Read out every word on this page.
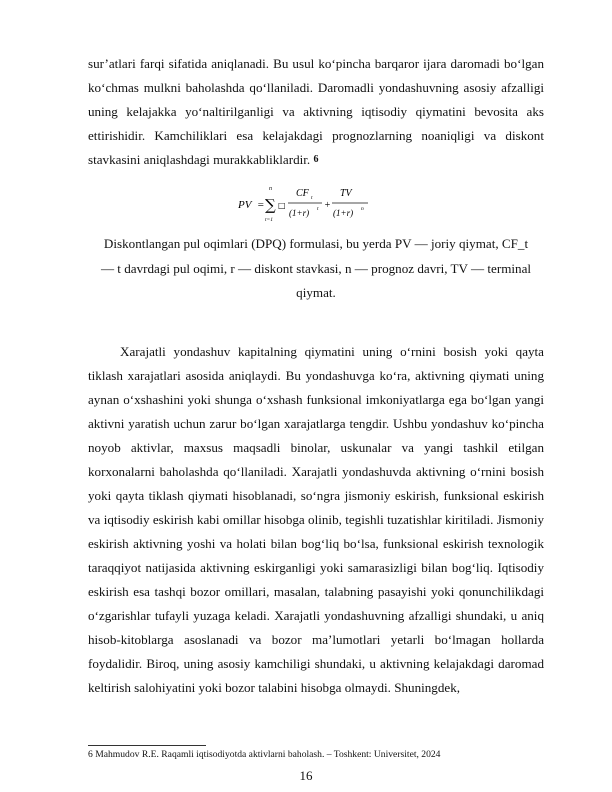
sur’atlari farqi sifatida aniqlanadi. Bu usul ko‘pincha barqaror ijara daromadi bo‘lgan ko‘chmas mulkni baholashda qo‘llaniladi. Daromadli yondashuvning asosiy afzalligi uning kelajakka yo‘naltirilganligi va aktivning iqtisodiy qiymatini bevosita aks ettirishidir. Kamchiliklari esa kelajakdagi prognozlarning noaniqligi va diskont stavkasini aniqlashdagi murakkabliklardir. $^6$
PV =
n
∑
t=1
□
CF t
(1+r) t +
TV
(1+r) n
Diskontlangan pul oqimlari (DPQ) formulasi, bu yerda PV — joriy qiymat, CF_t — t davrdagi pul oqimi, r — diskont stavkasi, n — prognoz davri, TV — terminal qiymat.
Xarajatli yondashuv kapitalning qiymatini uning o‘rnini bosish yoki qayta tiklash xarajatlari asosida aniqlaydi. Bu yondashuvga ko‘ra, aktivning qiymati uning aynan o‘xshashini yoki shunga o‘xshash funksional imkoniyatlarga ega bo‘lgan yangi aktivni yaratish uchun zarur bo‘lgan xarajatlarga tengdir. Ushbu yondashuv ko‘pincha noyob aktivlar, maxsus maqsadli binolar, uskunalar va yangi tashkil etilgan korxonalarni baholashda qo‘llaniladi. Xarajatli yondashuvda aktivning o‘rnini bosish yoki qayta tiklash qiymati hisoblanadi, so‘ngra jismoniy eskirish, funksional eskirish va iqtisodiy eskirish kabi omillar hisobga olinib, tegishli tuzatishlar kiritiladi. Jismoniy eskirish aktivning yoshi va holati bilan bog‘liq bo‘lsa, funksional eskirish texnologik taraqqiyot natijasida aktivning eskirganligi yoki samarasizligi bilan bog‘liq. Iqtisodiy eskirish esa tashqi bozor omillari, masalan, talabning pasayishi yoki qonunchilikdagi o‘zgarishlar tufayli yuzaga keladi. Xarajatli yondashuvning afzalligi shundaki, u aniq hisob-kitoblarga asoslanadi va bozor ma’lumotlari yetarli bo‘lmagan hollarda foydalidir. Biroq, uning asosiy kamchiligi shundaki, u aktivning kelajakdagi daromad keltirish salohiyatini yoki bozor talabini hisobga olmaydi. Shuningdek,
6 Mahmudov R.E. Raqamli iqtisodiyotda aktivlarni baholash. – Toshkent: Universitet, 2024
16
